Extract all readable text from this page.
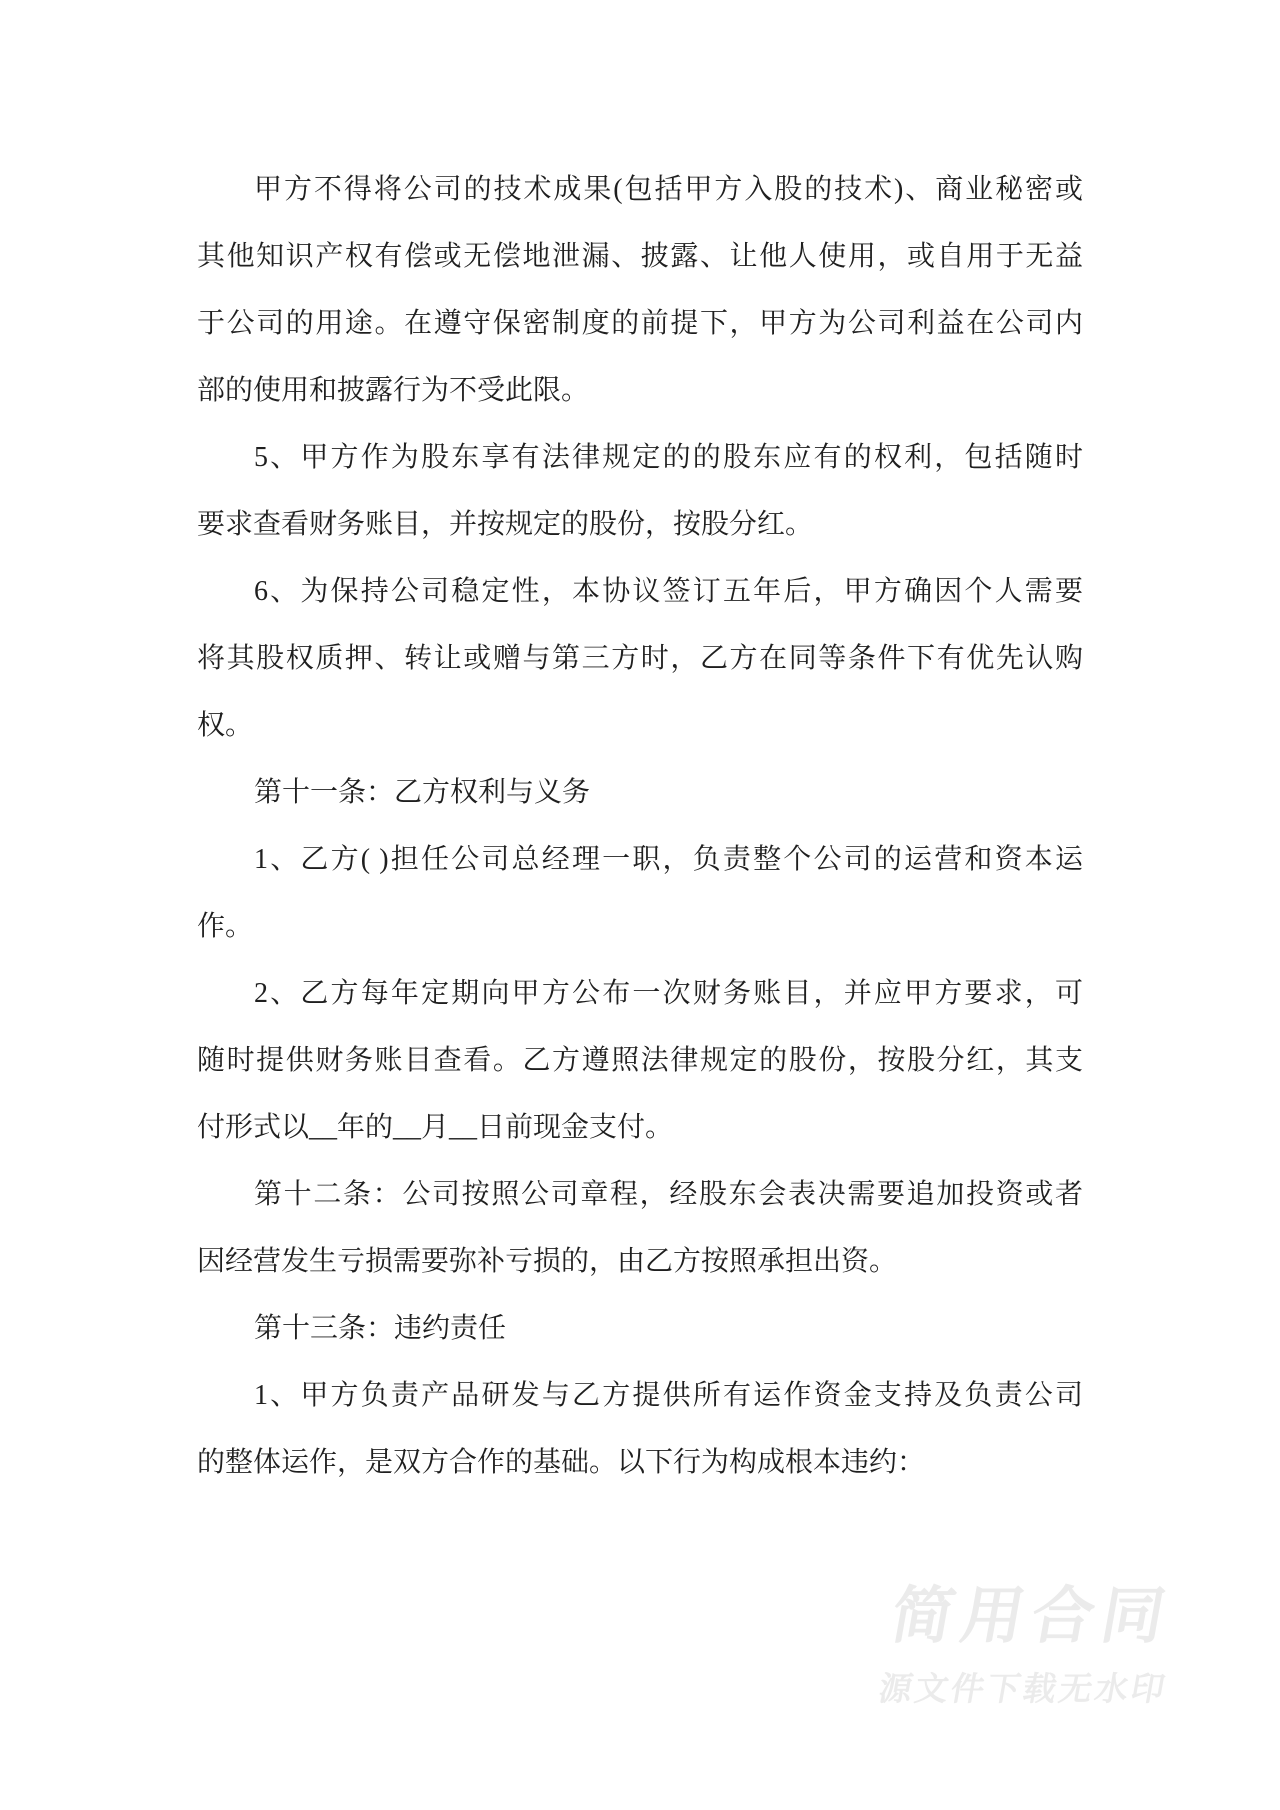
甲方不得将公司的技术成果(包括甲方入股的技术)、商业秘密或
其他知识产权有偿或无偿地泄漏、披露、让他人使用，或自用于无益
于公司的用途。在遵守保密制度的前提下，甲方为公司利益在公司内
部的使用和披露行为不受此限。
5、甲方作为股东享有法律规定的的股东应有的权利，包括随时
要求查看财务账目，并按规定的股份，按股分红。
6、为保持公司稳定性，本协议签订五年后，甲方确因个人需要
将其股权质押、转让或赠与第三方时，乙方在同等条件下有优先认购
权。
第十一条：乙方权利与义务
1、乙方( )担任公司总经理一职，负责整个公司的运营和资本运
作。
2、乙方每年定期向甲方公布一次财务账目，并应甲方要求，可
随时提供财务账目查看。乙方遵照法律规定的股份，按股分红，其支
付形式以__年的__月__日前现金支付。
第十二条：公司按照公司章程，经股东会表决需要追加投资或者
因经营发生亏损需要弥补亏损的，由乙方按照承担出资。
第十三条：违约责任
1、甲方负责产品研发与乙方提供所有运作资金支持及负责公司
的整体运作，是双方合作的基础。以下行为构成根本违约：
简用合同
源文件下载无水印
